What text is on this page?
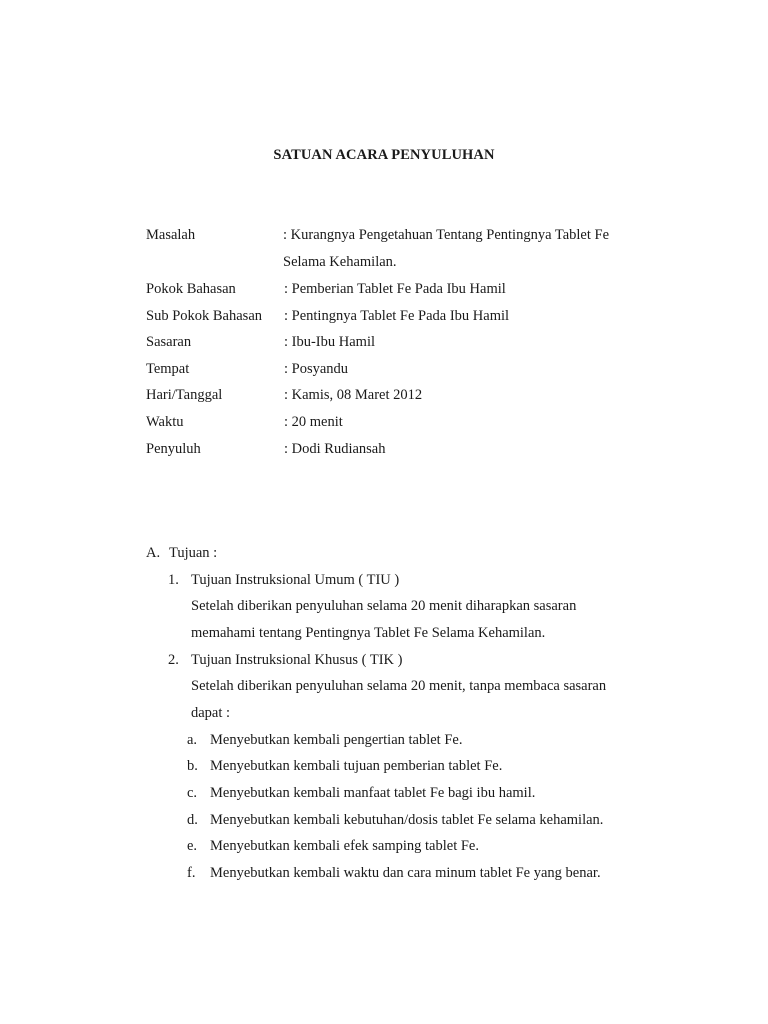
SATUAN ACARA PENYULUHAN
Masalah	: Kurangnya Pengetahuan Tentang Pentingnya Tablet Fe
Selama Kehamilan.
Pokok Bahasan	: Pemberian Tablet Fe Pada Ibu Hamil
Sub Pokok Bahasan : Pentingnya Tablet Fe Pada Ibu Hamil
Sasaran	: Ibu-Ibu Hamil
Tempat	: Posyandu
Hari/Tanggal	: Kamis, 08 Maret 2012
Waktu	: 20 menit
Penyuluh	: Dodi Rudiansah
A. Tujuan :
1. Tujuan Instruksional Umum ( TIU )
Setelah diberikan penyuluhan selama 20 menit diharapkan sasaran
memahami tentang Pentingnya Tablet Fe Selama Kehamilan.
2. Tujuan Instruksional Khusus ( TIK )
Setelah diberikan penyuluhan selama 20 menit, tanpa membaca sasaran
dapat :
a. Menyebutkan kembali pengertian tablet Fe.
b. Menyebutkan kembali tujuan pemberian tablet Fe.
c. Menyebutkan kembali manfaat tablet Fe bagi ibu hamil.
d. Menyebutkan kembali kebutuhan/dosis tablet Fe selama kehamilan.
e. Menyebutkan kembali efek samping tablet Fe.
f. Menyebutkan kembali waktu dan cara minum tablet Fe yang benar.
